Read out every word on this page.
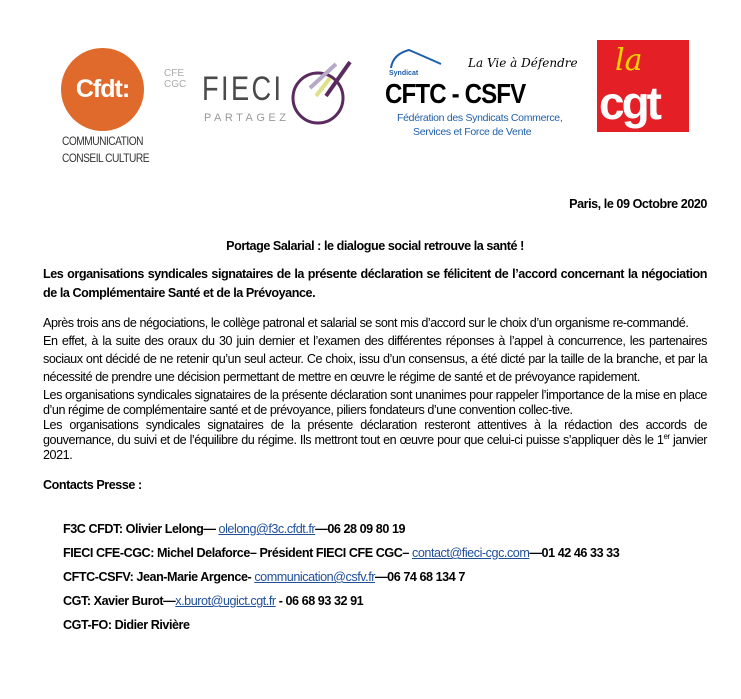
Cfdt:
COMMUNICATION
CONSEIL CULTURE
CFE CGC FIECI
PARTAGEZ
La Vie à Défendre
Syndicat
CFTC - CSFV
Fédération des Syndicats Commerce,
Services et Force de Vente
la
cgt
Paris, le 09 Octobre 2020
Portage Salarial : le dialogue social retrouve la santé !

Les organisations syndicales signataires de la présente déclaration se félicitent de l’accord concernant la négociation de la Complémentaire Santé et de la Prévoyance.

Après trois ans de négociations, le collège patronal et salarial se sont mis d’accord sur le choix d’un organisme re-commandé.

En effet, à la suite des oraux du 30 juin dernier et l’examen des différentes réponses à l’appel à concurrence, les partenaires sociaux ont décidé de ne retenir qu’un seul acteur. Ce choix, issu d’un consensus, a été dicté par la taille de la branche, et par la nécessité de prendre une décision permettant de mettre en œuvre le régime de santé et de prévoyance rapidement.

Les organisations syndicales signataires de la présente déclaration sont unanimes pour rappeler l’importance de la mise en place d’un régime de complémentaire santé et de prévoyance, piliers fondateurs d’une convention collec-tive.

Les organisations syndicales signataires de la présente déclaration resteront attentives à la rédaction des accords de gouvernance, du suivi et de l’équilibre du régime. Ils mettront tout en œuvre pour que celui-ci puisse s’appliquer dès le 1er janvier 2021.

Contacts Presse :
F3C CFDT: Olivier Lelong— olelong@f3c.cfdt.fr—06 28 09 80 19
FIECI CFE-CGC: Michel Delaforce– Président FIECI CFE CGC– contact@fieci-cgc.com—01 42 46 33 33
CFTC-CSFV: Jean-Marie Argence- communication@csfv.fr—06 74 68 134 7
CGT: Xavier Burot—x.burot@ugict.cgt.fr - 06 68 93 32 91
CGT-FO: Didier Rivière
